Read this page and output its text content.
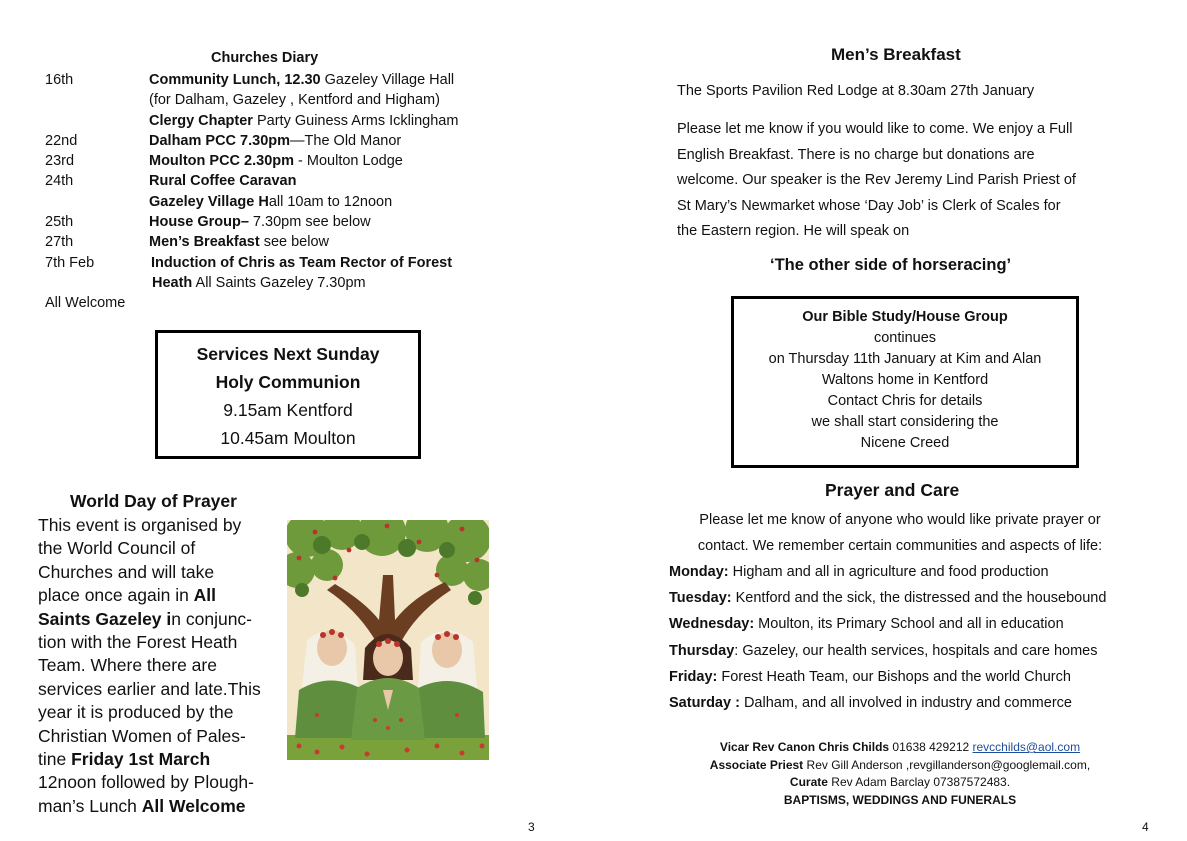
Churches Diary
16th	Community Lunch, 12.30 Gazeley Village Hall
(for Dalham, Gazeley , Kentford and Higham)
Clergy Chapter Party Guiness Arms Icklingham
22nd	Dalham PCC 7.30pm—The Old Manor
23rd	Moulton PCC 2.30pm - Moulton Lodge
24th	Rural Coffee Caravan
Gazeley Village Hall 10am to 12noon
25th	House Group– 7.30pm see below
27th	Men’s Breakfast see below
7th Feb	Induction of Chris as Team Rector of Forest
Heath All Saints Gazeley 7.30pm
All Welcome
Services Next Sunday
Holy Communion
9.15am Kentford
10.45am Moulton
World Day of Prayer
This event is organised by
the World Council of
Churches and will take
place once again in All
Saints Gazeley in conjunc-
tion with the Forest Heath
Team. Where there are
services earlier and late.This
year it is produced by the
Christian Women of Pales-
tine Friday 1st March
12noon followed by Plough-
man’s Lunch All Welcome
3
Men’s Breakfast
The Sports Pavilion Red Lodge at 8.30am 27th January
Please let me know if you would like to come. We enjoy a Full
English Breakfast. There is no charge but donations are
welcome. Our speaker is the Rev Jeremy Lind Parish Priest of
St Mary’s Newmarket whose ‘Day Job’ is Clerk of Scales for
the Eastern region. He will speak on
‘The other side of horseracing’
Our Bible Study/House Group
continues
on Thursday 11th January at Kim and Alan
Waltons home in Kentford
Contact Chris for details
we shall start considering the
Nicene Creed
Prayer and Care
Please let me know of anyone who would like private prayer or
contact. We remember certain communities and aspects of life:
Monday: Higham and all in agriculture and food production
Tuesday: Kentford and the sick, the distressed and the housebound
Wednesday: Moulton, its Primary School and all in education
Thursday: Gazeley, our health services, hospitals and care homes
Friday: Forest Heath Team, our Bishops and the world Church
Saturday : Dalham, and all involved in industry and commerce
Vicar Rev Canon Chris Childs 01638 429212 revcchilds@aol.com
Associate Priest Rev Gill Anderson ,revgillanderson@googlemail.com,
Curate Rev Adam Barclay 07387572483.
BAPTISMS, WEDDINGS AND FUNERALS
4
